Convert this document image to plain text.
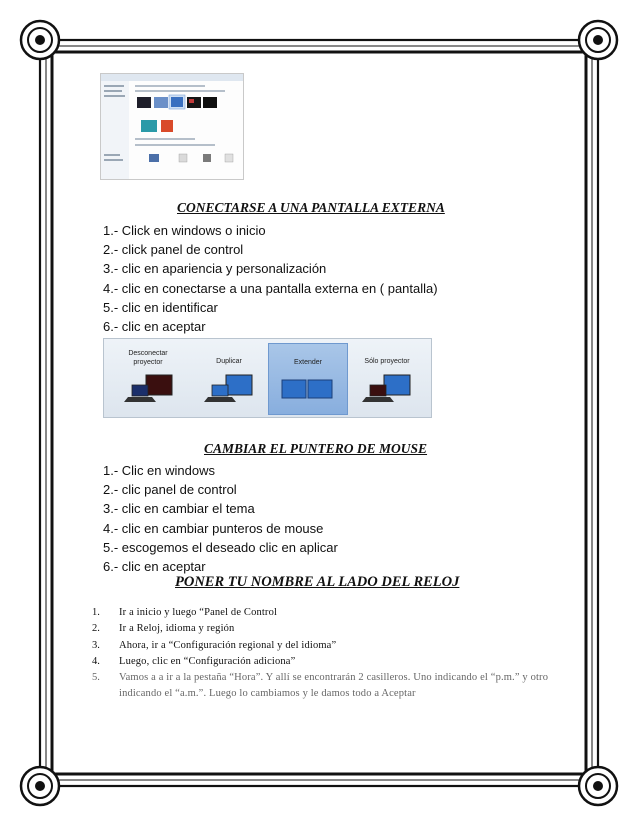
CONECTARSE A UNA PANTALLA EXTERNA
1.- Click en windows o inicio
2.- click panel de control
3.- clic en apariencia y personalización
4.- clic en conectarse a una pantalla externa en ( pantalla)
5.- clic en identificar
6.- clic en aceptar
Desconectar proyector	Duplicar	Extender	Sólo proyector
CAMBIAR EL PUNTERO DE MOUSE
1.- Clic en windows
2.- clic panel de control
3.- clic en cambiar el tema
4.- clic en cambiar punteros de mouse
5.- escogemos el deseado clic en aplicar
6.- clic en aceptar
PONER TU NOMBRE AL LADO DEL RELOJ
1.	Ir a inicio y luego “Panel de Control
2.	Ir a Reloj, idioma y región
3.	Ahora, ir a “Configuración regional y del idioma”
4.	Luego, clic en “Configuración adiciona”
5.	Vamos a a ir a la pestaña “Hora”. Y allí se encontrarán 2 casilleros. Uno indicando el “p.m.” y otro indicando el “a.m.”. Luego lo cambiamos y le damos todo a Aceptar
